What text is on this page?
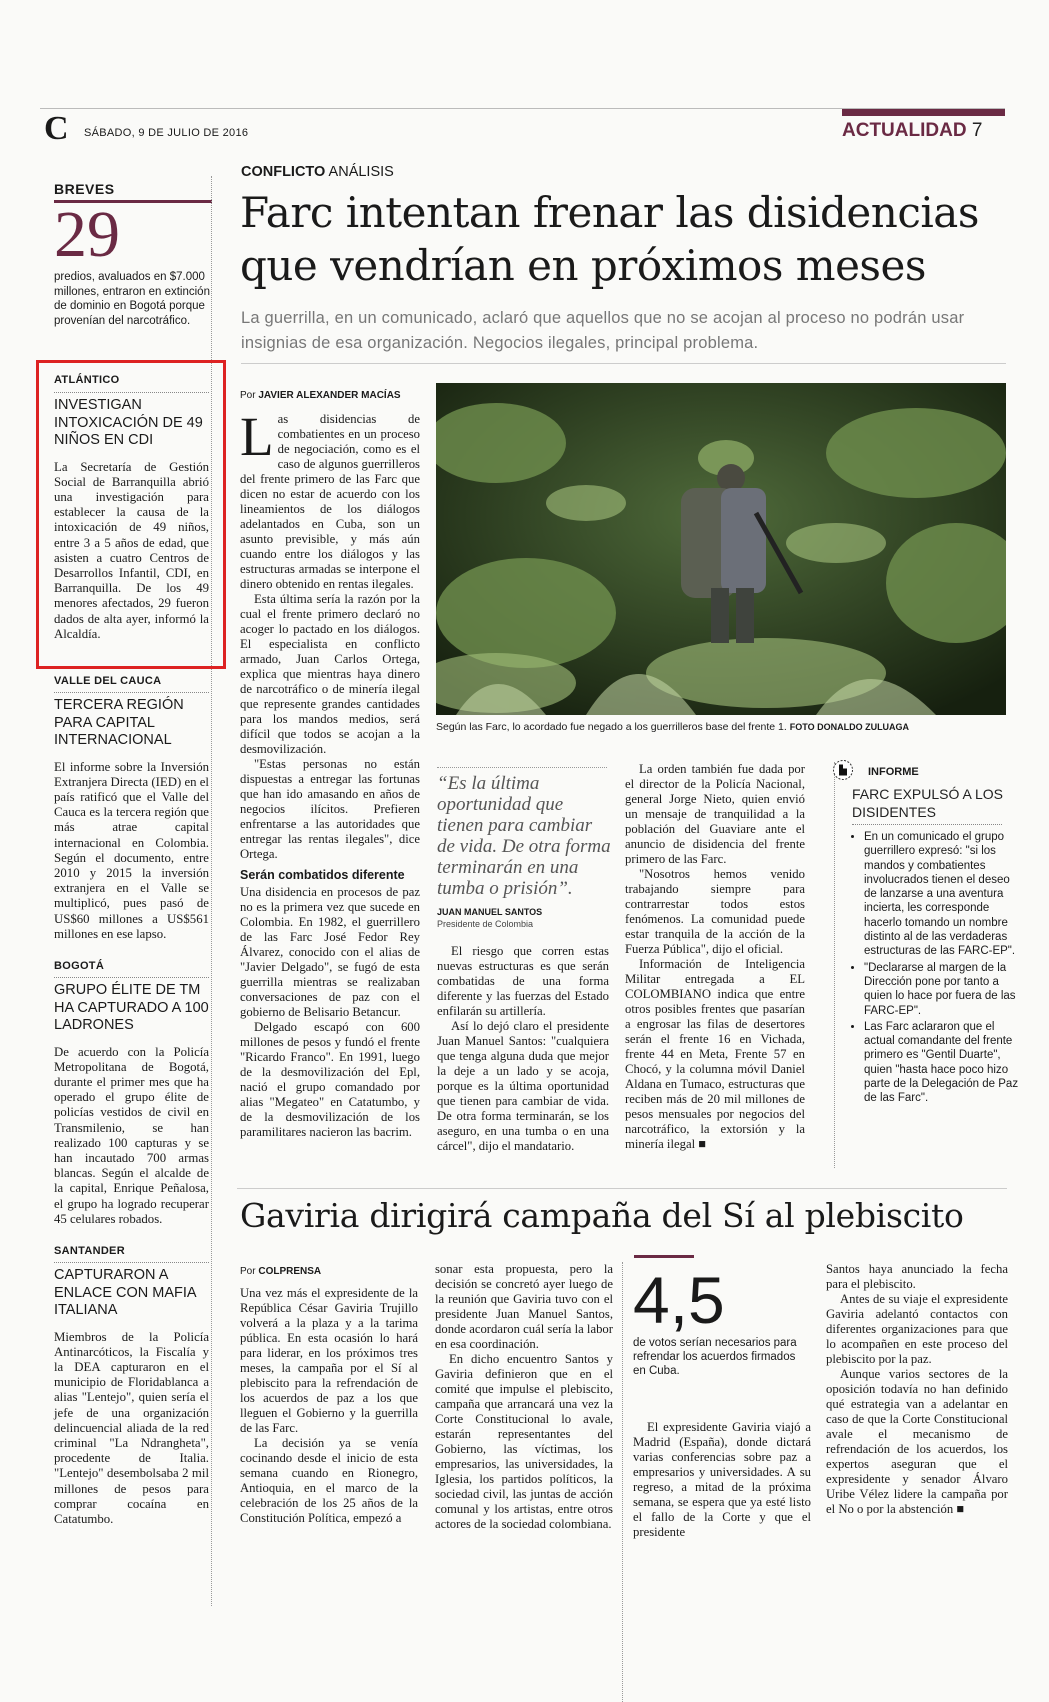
C SÁBADO, 9 DE JULIO DE 2016	ACTUALIDAD 7
BREVES
29
predios, avaluados en $7.000 millones, entraron en extinción de dominio en Bogotá porque provenían del narcotráfico.
ATLÁNTICO
INVESTIGAN INTOXICACIÓN DE 49 NIÑOS EN CDI
La Secretaría de Gestión Social de Barranquilla abrió una investigación para establecer la causa de la intoxicación de 49 niños, entre 3 a 5 años de edad, que asisten a cuatro Centros de Desarrollos Infantil, CDI, en Barranquilla. De los 49 menores afectados, 29 fueron dados de alta ayer, informó la Alcaldía.
VALLE DEL CAUCA
TERCERA REGIÓN PARA CAPITAL INTERNACIONAL
El informe sobre la Inversión Extranjera Directa (IED) en el país ratificó que el Valle del Cauca es la tercera región que más atrae capital internacional en Colombia. Según el documento, entre 2010 y 2015 la inversión extranjera en el Valle se multiplicó, pues pasó de US$60 millones a US$561 millones en ese lapso.
BOGOTÁ
GRUPO ÉLITE DE TM HA CAPTURADO A 100 LADRONES
De acuerdo con la Policía Metropolitana de Bogotá, durante el primer mes que ha operado el grupo élite de policías vestidos de civil en Transmilenio, se han realizado 100 capturas y se han incautado 700 armas blancas. Según el alcalde de la capital, Enrique Peñalosa, el grupo ha logrado recuperar 45 celulares robados.
SANTANDER
CAPTURARON A ENLACE CON MAFIA ITALIANA
Miembros de la Policía Antinarcóticos, la Fiscalía y la DEA capturaron en el municipio de Floridablanca a alias "Lentejo", quien sería el jefe de una organización delincuencial aliada de la red criminal "La Ndrangheta", procedente de Italia. "Lentejo" desembolsaba 2 mil millones de pesos para comprar cocaína en Catatumbo.
CONFLICTO ANÁLISIS
Farc intentan frenar las disidencias que vendrían en próximos meses
La guerrilla, en un comunicado, aclaró que aquellos que no se acojan al proceso no podrán usar insignias de esa organización. Negocios ilegales, principal problema.
Por JAVIER ALEXANDER MACÍAS
L as disidencias de combatientes en un proceso de negociación, como es el caso de algunos guerrilleros del frente primero de las Farc que dicen no estar de acuerdo con los lineamientos de los diálogos adelantados en Cuba, son un asunto previsible, y más aún cuando entre los diálogos y las estructuras armadas se interpone el dinero obtenido en rentas ilegales.

Esta última sería la razón por la cual el frente primero declaró no acoger lo pactado en los diálogos. El especialista en conflicto armado, Juan Carlos Ortega, explica que mientras haya dinero de narcotráfico o de minería ilegal que represente grandes cantidades para los mandos medios, será difícil que todos se acojan a la desmovilización.

"Estas personas no están dispuestas a entregar las fortunas que han ido amasando en años de negocios ilícitos. Prefieren enfrentarse a las autoridades que entregar las rentas ilegales", dice Ortega.

Serán combatidos diferente

Una disidencia en procesos de paz no es la primera vez que sucede en Colombia. En 1982, el guerrillero de las Farc José Fedor Rey Álvarez, conocido con el alias de "Javier Delgado", se fugó de esta guerrilla mientras se realizaban conversaciones de paz con el gobierno de Belisario Betancur.

Delgado escapó con 600 millones de pesos y fundó el frente "Ricardo Franco". En 1991, luego de la desmovilización del Epl, nació el grupo comandado por alias "Megateo" en Catatumbo, y de la desmovilización de los paramilitares nacieron las bacrim.

Según las Farc, lo acordado fue negado a los guerrilleros base del frente 1. FOTO DONALDO ZULUAGA
“Es la última oportunidad que tienen para cambiar de vida. De otra forma terminarán en una tumba o prisión”.
JUAN MANUEL SANTOS
Presidente de Colombia

El riesgo que corren estas nuevas estructuras es que serán combatidas de una forma diferente y las fuerzas del Estado enfilarán su artillería.

Así lo dejó claro el presidente Juan Manuel Santos: "cualquiera que tenga alguna duda que mejor la deje a un lado y se acoja, porque es la última oportunidad que tienen para cambiar de vida. De otra forma terminarán, se los aseguro, en una tumba o en una cárcel", dijo el mandatario.

La orden también fue dada por el director de la Policía Nacional, general Jorge Nieto, quien envió un mensaje de tranquilidad a la población del Guaviare ante el anuncio de disidencia del frente primero de las Farc.

"Nosotros hemos venido trabajando siempre para contrarrestar todos estos fenómenos. La comunidad puede estar tranquila de la acción de la Fuerza Pública", dijo el oficial.

Información de Inteligencia Militar entregada a EL COLOMBIANO indica que entre otros posibles frentes que pasarían a engrosar las filas de desertores serán el frente 16 en Vichada, frente 44 en Meta, Frente 57 en Chocó, y la columna móvil Daniel Aldana en Tumaco, estructuras que reciben más de 20 mil millones de pesos mensuales por negocios del narcotráfico, la extorsión y la minería ilegal ■

INFORME
FARC EXPULSÓ A LOS DISIDENTES
• En un comunicado el grupo guerrillero expresó: "si los mandos y combatientes involucrados tienen el deseo de lanzarse a una aventura incierta, les corresponde hacerlo tomando un nombre distinto al de las verdaderas estructuras de las FARC-EP".
• "Declararse al margen de la Dirección pone por tanto a quien lo hace por fuera de las FARC-EP".
• Las Farc aclararon que el actual comandante del frente primero es "Gentil Duarte", quien "hasta hace poco hizo parte de la Delegación de Paz de las Farc".
Gaviria dirigirá campaña del Sí al plebiscito
Por COLPRENSA

Una vez más el expresidente de la República César Gaviria Trujillo volverá a la plaza y a la tarima pública. En esta ocasión lo hará para liderar, en los próximos tres meses, la campaña por el Sí al plebiscito para la refrendación de los acuerdos de paz a los que lleguen el Gobierno y la guerrilla de las Farc.

La decisión ya se venía cocinando desde el inicio de esta semana cuando en Rionegro, Antioquia, en el marco de la celebración de los 25 años de la Constitución Política, empezó a

sonar esta propuesta, pero la decisión se concretó ayer luego de la reunión que Gaviria tuvo con el presidente Juan Manuel Santos, donde acordaron cuál sería la labor en esa coordinación.

En dicho encuentro Santos y Gaviria definieron que en el comité que impulse el plebiscito, campaña que arrancará una vez la Corte Constitucional lo avale, estarán representantes del Gobierno, las víctimas, los empresarios, las universidades, la Iglesia, los partidos políticos, la sociedad civil, las juntas de acción comunal y los artistas, entre otros actores de la sociedad colombiana.

4,5
de votos serían necesarios para refrendar los acuerdos firmados en Cuba.

El expresidente Gaviria viajó a Madrid (España), donde dictará varias conferencias sobre paz a empresarios y universidades. A su regreso, a mitad de la próxima semana, se espera que ya esté listo el fallo de la Corte y que el presidente

Santos haya anunciado la fecha para el plebiscito.

Antes de su viaje el expresidente Gaviria adelantó contactos con diferentes organizaciones para que lo acompañen en este proceso del plebiscito por la paz.

Aunque varios sectores de la oposición todavía no han definido qué estrategia van a adelantar en caso de que la Corte Constitucional avale el mecanismo de refrendación de los acuerdos, los expertos aseguran que el expresidente y senador Álvaro Uribe Vélez lidere la campaña por el No o por la abstención ■
